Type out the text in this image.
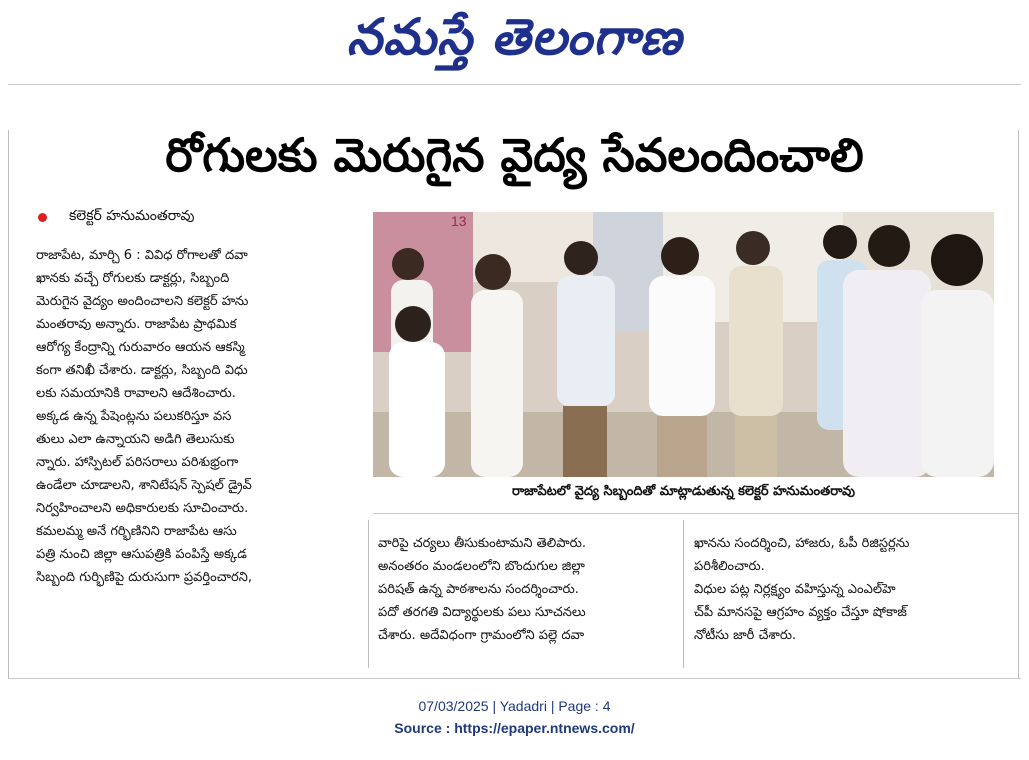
నమస్తే తెలంగాణ
రోగులకు మెరుగైన వైద్య సేవలందించాలి
కలెక్టర్ హనుమంతరావు

రాజాపేట, మార్చి 6 : వివిధ రోగాలతో దవా

ఖానకు వచ్చే రోగులకు డాక్టర్లు, సిబ్బంది

మెరుగైన వైద్యం అందించాలని కలెక్టర్ హను

మంతరావు అన్నారు. రాజాపేట ప్రాథమిక

ఆరోగ్య కేంద్రాన్ని గురువారం ఆయన ఆకస్మి

కంగా తనిఖీ చేశారు. డాక్టర్లు, సిబ్బంది విధు

లకు సమయానికి రావాలని ఆదేశించారు.

అక్కడ ఉన్న పేషెంట్లను పలుకరిస్తూ వస

తులు ఎలా ఉన్నాయని అడిగి తెలుసుకు

న్నారు. హాస్పిటల్ పరిసరాలు పరిశుభ్రంగా

ఉండేలా చూడాలని, శానిటేషన్ స్పెషల్ డ్రైవ్

నిర్వహించాలని అధికారులకు సూచించారు.

కమలమ్మ అనే గర్భిణినిని రాజాపేట ఆసు

పత్రి నుంచి జిల్లా ఆసుపత్రికి పంపిస్తే అక్కడ

సిబ్బంది గుర్భిణిపై దురుసుగా ప్రవర్తించారని,

13
రాజాపేటలో వైద్య సిబ్బందితో మాట్లాడుతున్న కలెక్టర్ హనుమంతరావు

వారిపై చర్యలు తీసుకుంటామని తెలిపారు.

అనంతరం మండలంలోని బొందుగుల జిల్లా

పరిషత్ ఉన్న పాఠశాలను సందర్శించారు.

పదో తరగతి విద్యార్థులకు పలు సూచనలు

చేశారు. అదేవిధంగా గ్రామంలోని పల్లె దవా

ఖానను సందర్శించి, హాజరు, ఓపీ రిజిస్టర్లను

పరిశీలించారు.

విధుల పట్ల నిర్లక్ష్యం వహిస్తున్న ఎంఎల్‌హె

చ్‌పీ మానసపై ఆగ్రహం వ్యక్తం చేస్తూ షోకాజ్

నోటీసు జారీ చేశారు.

07/03/2025 | Yadadri | Page : 4
Source : https://epaper.ntnews.com/
